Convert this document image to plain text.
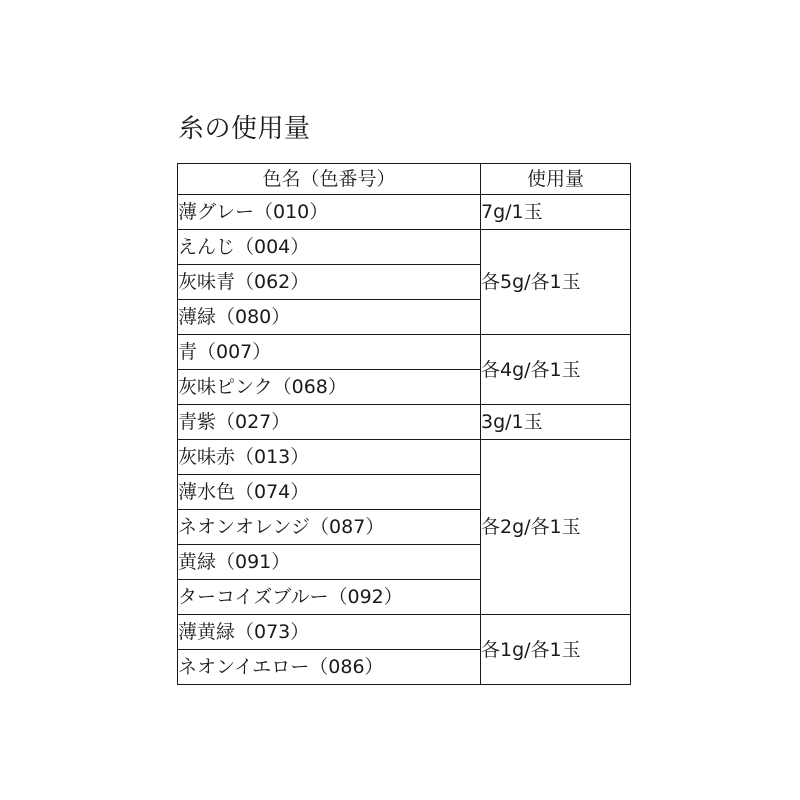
糸の使用量
色名（色番号）	使用量
薄グレー（010）	7g/1玉
えんじ（004）	各5g/各1玉
灰味青（062）	
薄緑（080）	
青（007）	各4g/各1玉
灰味ピンク（068）	
青紫（027）	3g/1玉
灰味赤（013）	各2g/各1玉
薄水色（074）	
ネオンオレンジ（087）	
黄緑（091）	
ターコイズブルー（092）	
薄黄緑（073）	各1g/各1玉
ネオンイエロー（086）	
